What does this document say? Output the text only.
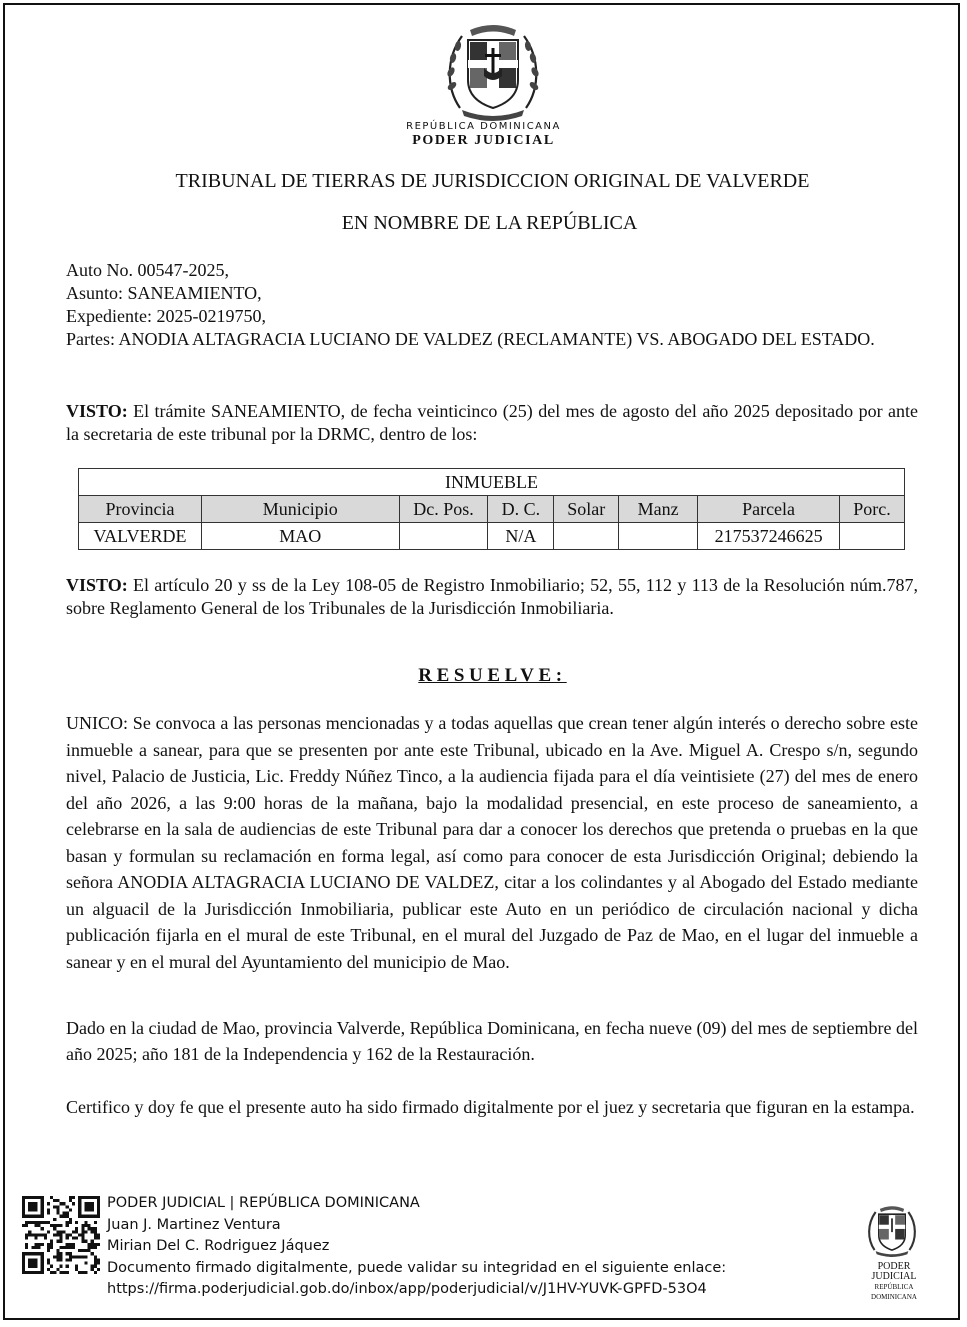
REPÚBLICA DOMINICANA
PODER JUDICIAL
TRIBUNAL DE TIERRAS DE JURISDICCION ORIGINAL DE VALVERDE
EN NOMBRE DE LA REPÚBLICA
Auto No. 00547-2025,
Asunto: SANEAMIENTO,
Expediente: 2025-0219750,
Partes: ANODIA ALTAGRACIA LUCIANO DE VALDEZ (RECLAMANTE) VS. ABOGADO DEL ESTADO.
VISTO: El trámite SANEAMIENTO, de fecha veinticinco (25) del mes de agosto del año 2025 depositado por ante la secretaria de este tribunal por la DRMC, dentro de los:
INMUEBLE							
Provincia	Municipio	Dc. Pos.	D. C.	Solar	Manz	Parcela	Porc.
VALVERDE	MAO		N/A			217537246625	
VISTO: El artículo 20 y ss de la Ley 108-05 de Registro Inmobiliario; 52, 55, 112 y 113 de la Resolución núm.787, sobre Reglamento General de los Tribunales de la Jurisdicción Inmobiliaria.
RESUELVE:
UNICO: Se convoca a las personas mencionadas y a todas aquellas que crean tener algún interés o derecho sobre este inmueble a sanear, para que se presenten por ante este Tribunal, ubicado en la Ave. Miguel A. Crespo s/n, segundo nivel, Palacio de Justicia, Lic. Freddy Núñez Tinco, a la audiencia fijada para el día veintisiete (27) del mes de enero del año 2026, a las 9:00 horas de la mañana, bajo la modalidad presencial, en este proceso de saneamiento, a celebrarse en la sala de audiencias de este Tribunal para dar a conocer los derechos que pretenda o pruebas en la que basan y formulan su reclamación en forma legal, así como para conocer de esta Jurisdicción Original; debiendo la señora ANODIA ALTAGRACIA LUCIANO DE VALDEZ, citar a los colindantes y al Abogado del Estado mediante un alguacil de la Jurisdicción Inmobiliaria, publicar este Auto en un periódico de circulación nacional y dicha publicación fijarla en el mural de este Tribunal, en el mural del Juzgado de Paz de Mao, en el lugar del inmueble a sanear y en el mural del Ayuntamiento del municipio de Mao.
Dado en la ciudad de Mao, provincia Valverde, República Dominicana, en fecha nueve (09) del mes de septiembre del año 2025; año 181 de la Independencia y 162 de la Restauración.
Certifico y doy fe que el presente auto ha sido firmado digitalmente por el juez y secretaria que figuran en la estampa.
PODER JUDICIAL | REPÚBLICA DOMINICANA
Juan J. Martinez Ventura
Mirian Del C. Rodriguez Jáquez
Documento firmado digitalmente, puede validar su integridad en el siguiente enlace:
https://firma.poderjudicial.gob.do/inbox/app/poderjudicial/v/J1HV-YUVK-GPFD-53O4
PODER JUDICIAL
REPÚBLICA DOMINICANA
